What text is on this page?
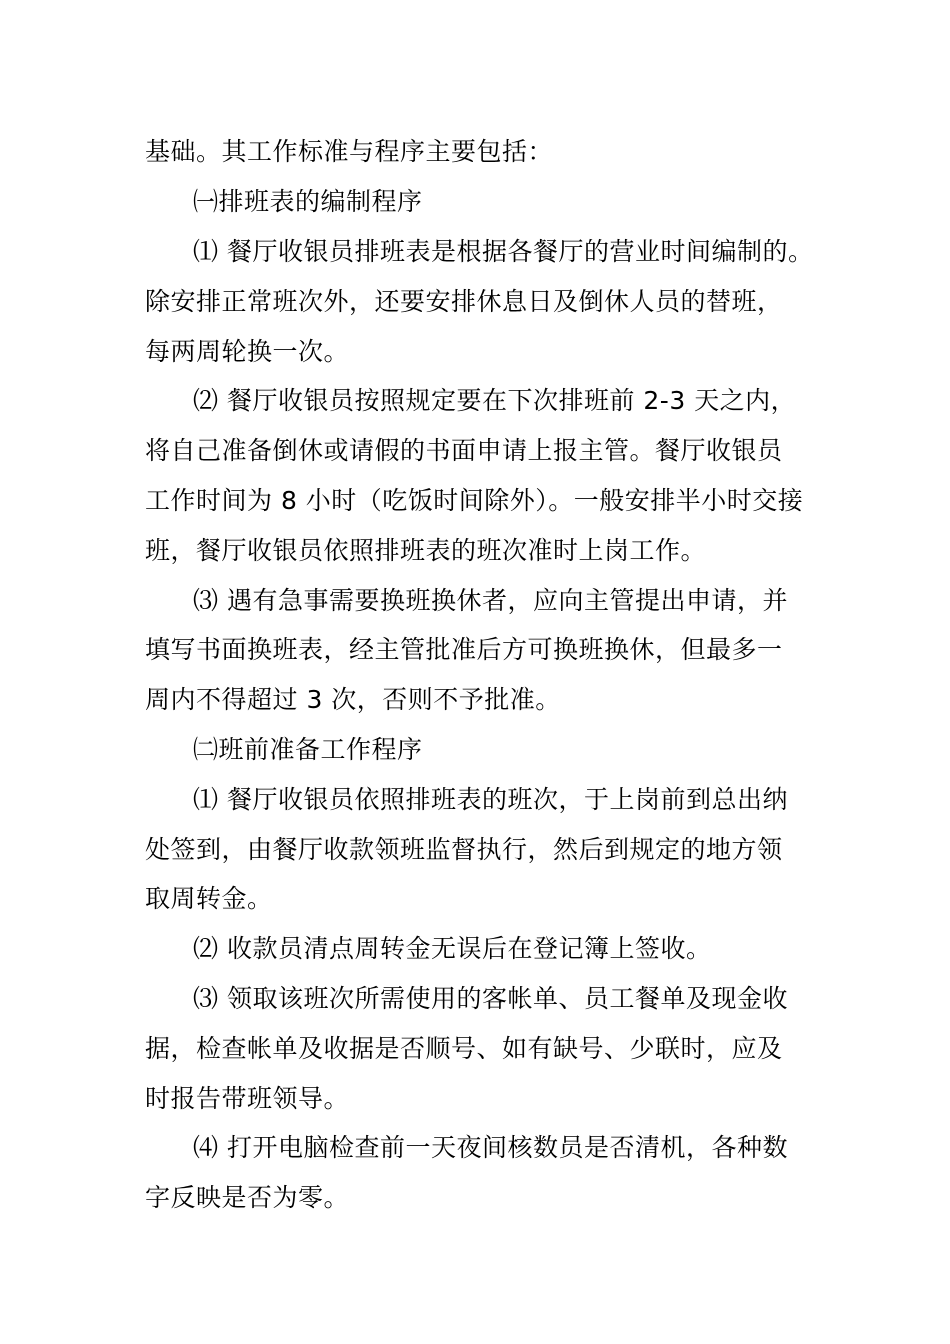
基础。其工作标准与程序主要包括：
㈠排班表的编制程序
⑴ 餐厅收银员排班表是根据各餐厅的营业时间编制的。
除安排正常班次外，还要安排休息日及倒休人员的替班，
每两周轮换一次。
⑵ 餐厅收银员按照规定要在下次排班前 2-3 天之内，
将自己准备倒休或请假的书面申请上报主管。餐厅收银员
工作时间为 8 小时（吃饭时间除外）。一般安排半小时交接
班，餐厅收银员依照排班表的班次准时上岗工作。
⑶ 遇有急事需要换班换休者，应向主管提出申请，并
填写书面换班表，经主管批准后方可换班换休，但最多一
周内不得超过 3 次，否则不予批准。
㈡班前准备工作程序
⑴ 餐厅收银员依照排班表的班次，于上岗前到总出纳
处签到，由餐厅收款领班监督执行，然后到规定的地方领
取周转金。
⑵ 收款员清点周转金无误后在登记簿上签收。
⑶ 领取该班次所需使用的客帐单、员工餐单及现金收
据，检查帐单及收据是否顺号、如有缺号、少联时，应及
时报告带班领导。
⑷ 打开电脑检查前一天夜间核数员是否清机，各种数
字反映是否为零。
